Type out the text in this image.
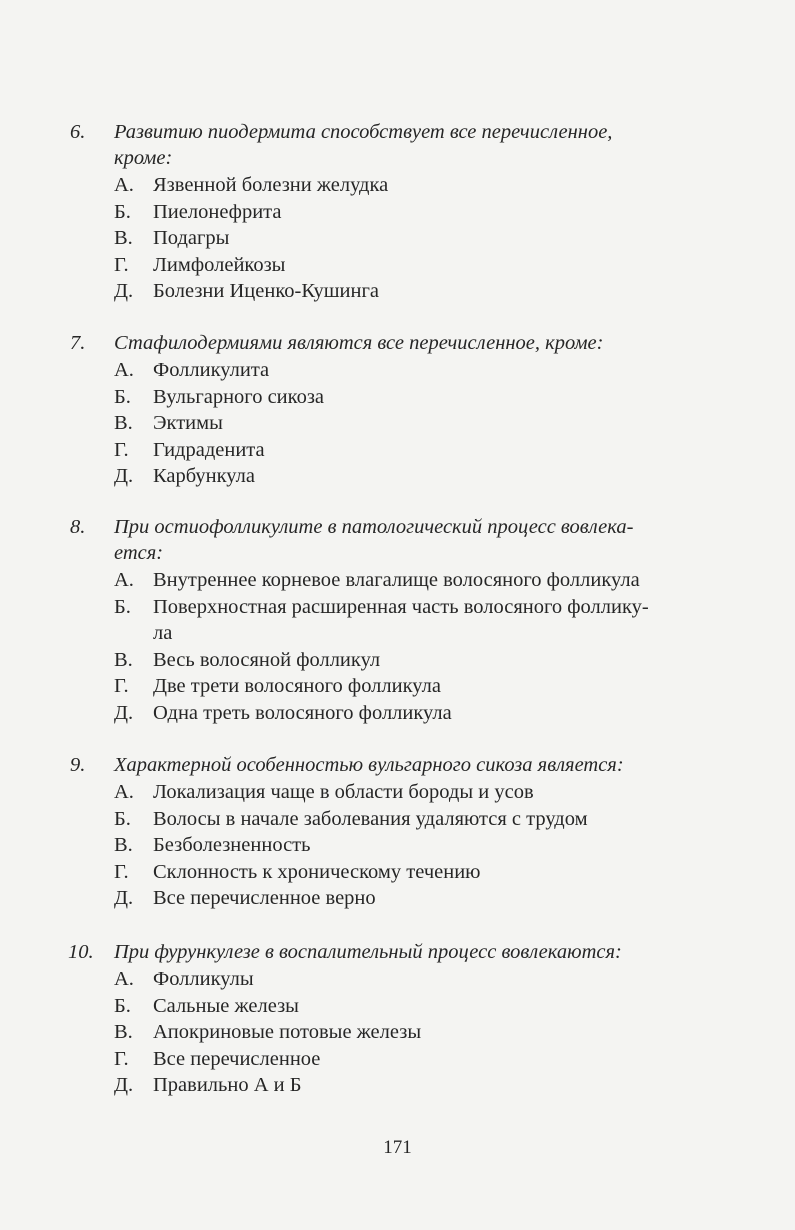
6. Развитию пиодермита способствует все перечисленное,
кроме:
А. Язвенной болезни желудка
Б. Пиелонефрита
В. Подагры
Г. Лимфолейкозы
Д. Болезни Иценко-Кушинга
7. Стафилодермиями являются все перечисленное, кроме:
А. Фолликулита
Б. Вульгарного сикоза
В. Эктимы
Г. Гидраденита
Д. Карбункула
8. При остиофолликулите в патологический процесс вовлека-
ется:
А. Внутреннее корневое влагалище волосяного фолликула
Б. Поверхностная расширенная часть волосяного фоллику-
ла
В. Весь волосяной фолликул
Г. Две трети волосяного фолликула
Д. Одна треть волосяного фолликула
9. Характерной особенностью вульгарного сикоза является:
А. Локализация чаще в области бороды и усов
Б. Волосы в начале заболевания удаляются с трудом
В. Безболезненность
Г. Склонность к хроническому течению
Д. Все перечисленное верно
10. При фурункулезе в воспалительный процесс вовлекаются:
А. Фолликулы
Б. Сальные железы
В. Апокриновые потовые железы
Г. Все перечисленное
Д. Правильно А и Б
171
